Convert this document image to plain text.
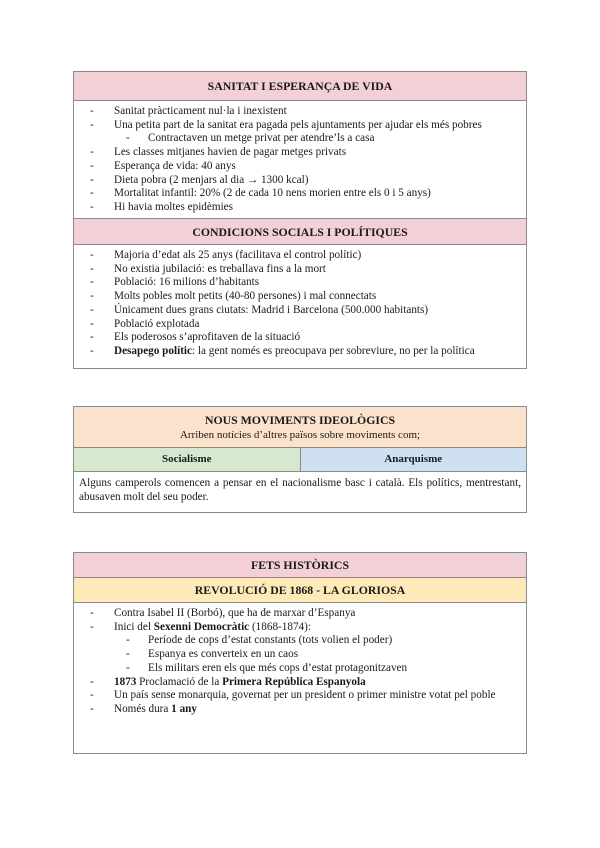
SANITAT I ESPERANÇA DE VIDA
- Sanitat pràcticament nul·la i inexistent
- Una petita part de la sanitat era pagada pels ajuntaments per ajudar els més pobres
- Contractaven un metge privat per atendre’ls a casa
- Les classes mitjanes havien de pagar metges privats
- Esperança de vida: 40 anys
- Dieta pobra (2 menjars al dia → 1300 kcal)
- Mortalitat infantil: 20% (2 de cada 10 nens morien entre els 0 i 5 anys)
- Hi havia moltes epidèmies
CONDICIONS SOCIALS I POLÍTIQUES
- Majoria d’edat als 25 anys (facilitava el control polític)
- No existia jubilació: es treballava fins a la mort
- Població: 16 milions d’habitants
- Molts pobles molt petits (40-80 persones) i mal connectats
- Únicament dues grans ciutats: Madrid i Barcelona (500.000 habitants)
- Població explotada
- Els poderosos s’aprofitaven de la situació
- Desapego polític: la gent només es preocupava per sobreviure, no per la política
NOUS MOVIMENTS IDEOLÒGICS
Arriben notícies d’altres països sobre moviments com;
Socialisme	Anarquisme
Alguns camperols comencen a pensar en el nacionalisme basc i català. Els polítics, mentrestant, abusaven molt del seu poder.
FETS HISTÒRICS
REVOLUCIÓ DE 1868 - LA GLORIOSA
- Contra Isabel II (Borbó), que ha de marxar d’Espanya
- Inici del Sexenni Democràtic (1868-1874):
- Període de cops d’estat constants (tots volien el poder)
- Espanya es converteix en un caos
- Els militars eren els que més cops d’estat protagonitzaven
- 1873 Proclamació de la Primera República Espanyola
- Un país sense monarquia, governat per un president o primer ministre votat pel poble
- Només dura 1 any
